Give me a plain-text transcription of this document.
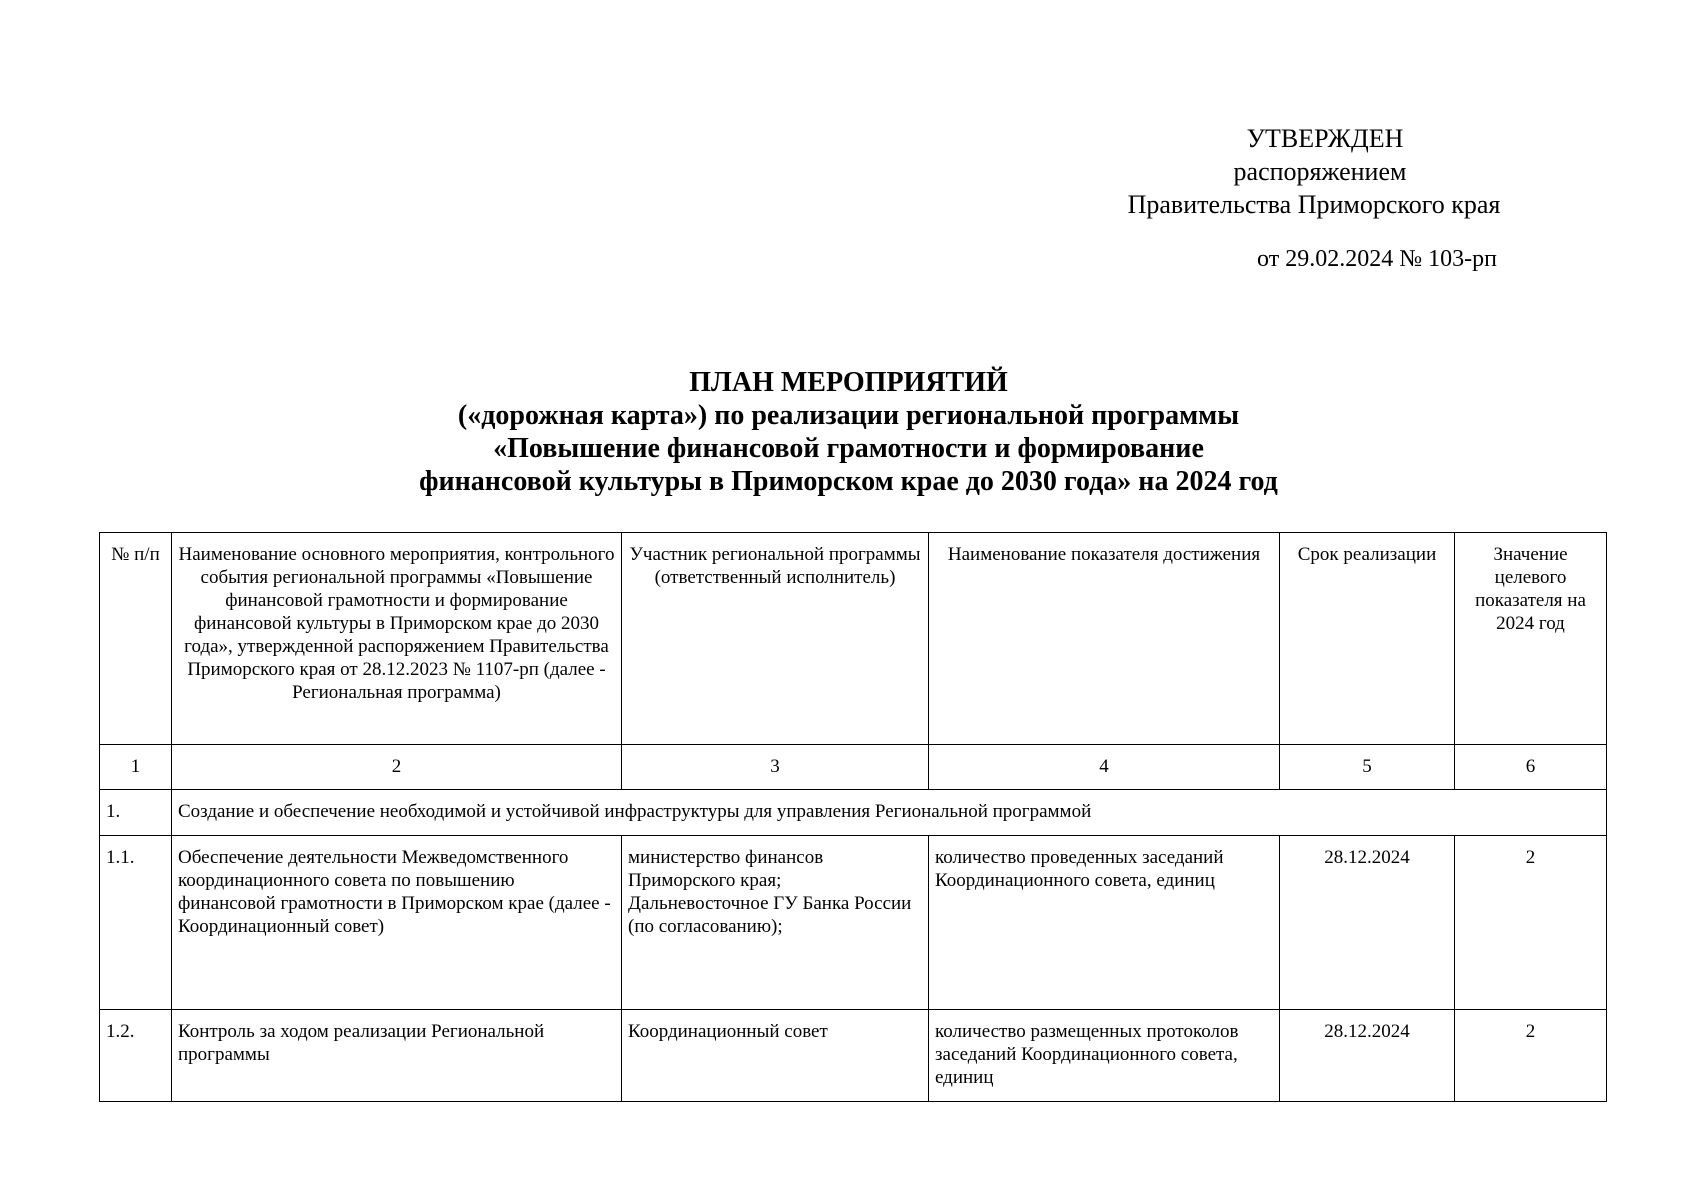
УТВЕРЖДЕН
распоряжением
Правительства Приморского края
от 29.02.2024 № 103-рп
ПЛАН МЕРОПРИЯТИЙ
(«дорожная карта») по реализации региональной программы
«Повышение финансовой грамотности и формирование
финансовой культуры в Приморском крае до 2030 года» на 2024 год
№ п/п	Наименование основного мероприятия, контрольного события региональной программы «Повышение финансовой грамотности и формирование финансовой культуры в Приморском крае до 2030 года», утвержденной распоряжением Правительства Приморского края от 28.12.2023 № 1107-рп (далее - Региональная программа)	Участник региональной программы (ответственный исполнитель)	Наименование показателя достижения	Срок реализации	Значение целевого показателя на 2024 год
1	2	3	4	5	6
1.	Создание и обеспечение необходимой и устойчивой инфраструктуры для управления Региональной программой				
1.1.	Обеспечение деятельности Межведомственного координационного совета по повышению финансовой грамотности в Приморском крае (далее - Координационный совет)	министерство финансов Приморского края; Дальневосточное ГУ Банка России (по согласованию);	количество проведенных заседаний Координационного совета, единиц	28.12.2024	2
1.2.	Контроль за ходом реализации Региональной программы	Координационный совет	количество размещенных протоколов заседаний Координационного совета, единиц	28.12.2024	2
